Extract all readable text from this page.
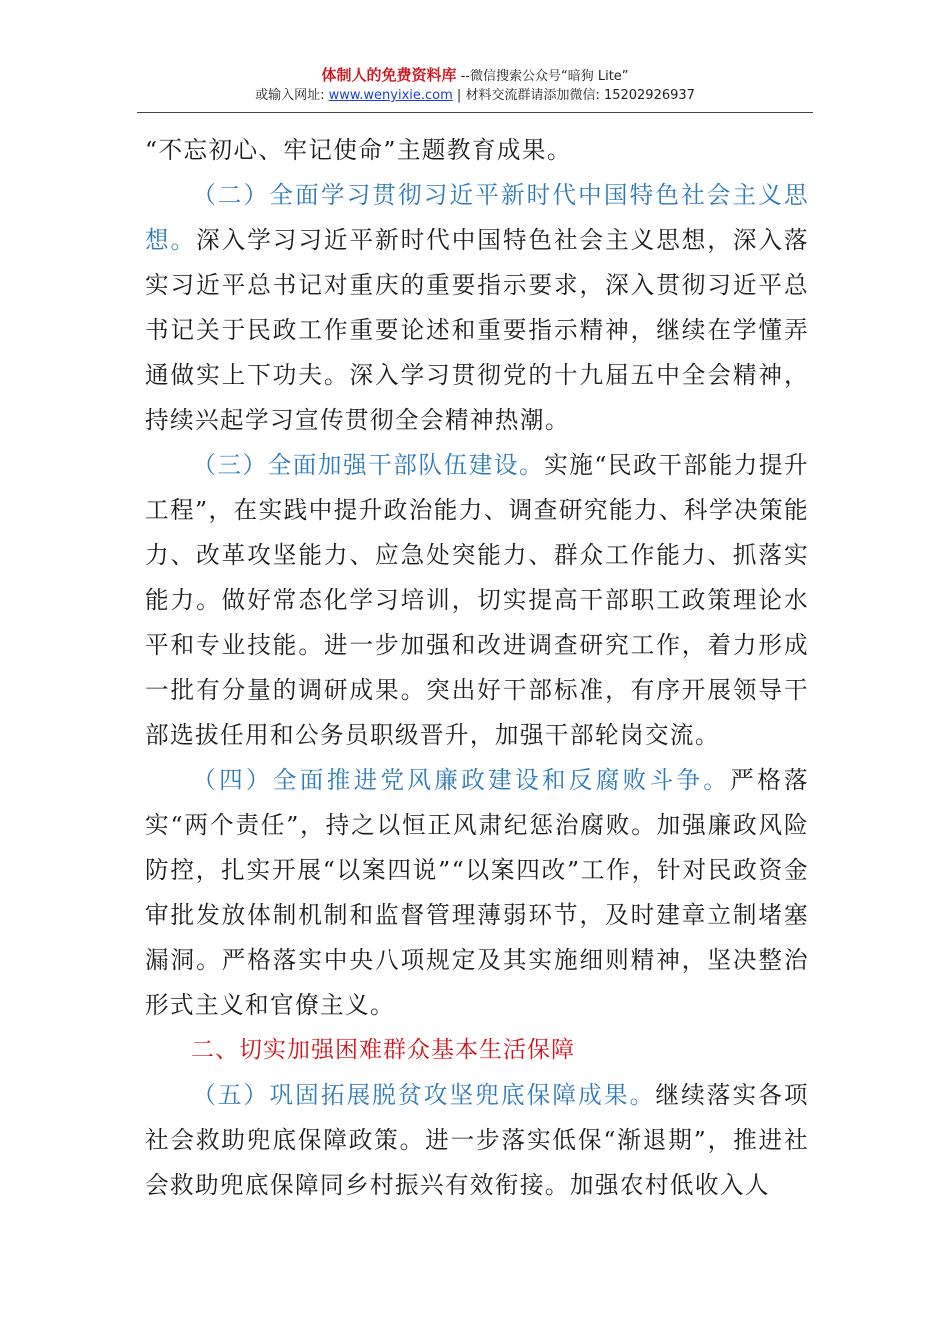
体制人的免费资料库 --微信搜索公众号“暗狗 Lite”
或输入网址: www.wenyixie.com | 材料交流群请添加微信: 15202926937

“不忘初心、牢记使命”主题教育成果。

（二）全面学习贯彻习近平新时代中国特色社会主义思想。深入学习习近平新时代中国特色社会主义思想，深入落实习近平总书记对重庆的重要指示要求，深入贯彻习近平总书记关于民政工作重要论述和重要指示精神，继续在学懂弄通做实上下功夫。深入学习贯彻党的十九届五中全会精神，持续兴起学习宣传贯彻全会精神热潮。

（三）全面加强干部队伍建设。实施“民政干部能力提升工程”，在实践中提升政治能力、调查研究能力、科学决策能力、改革攻坚能力、应急处突能力、群众工作能力、抓落实能力。做好常态化学习培训，切实提高干部职工政策理论水平和专业技能。进一步加强和改进调查研究工作，着力形成一批有分量的调研成果。突出好干部标准，有序开展领导干部选拔任用和公务员职级晋升，加强干部轮岗交流。

（四）全面推进党风廉政建设和反腐败斗争。严格落实“两个责任”，持之以恒正风肃纪惩治腐败。加强廉政风险防控，扎实开展“以案四说”“以案四改”工作，针对民政资金审批发放体制机制和监督管理薄弱环节，及时建章立制堵塞漏洞。严格落实中央八项规定及其实施细则精神，坚决整治形式主义和官僚主义。

二、切实加强困难群众基本生活保障

（五）巩固拓展脱贫攻坚兜底保障成果。继续落实各项社会救助兜底保障政策。进一步落实低保“渐退期”，推进社会救助兜底保障同乡村振兴有效衔接。加强农村低收入人
